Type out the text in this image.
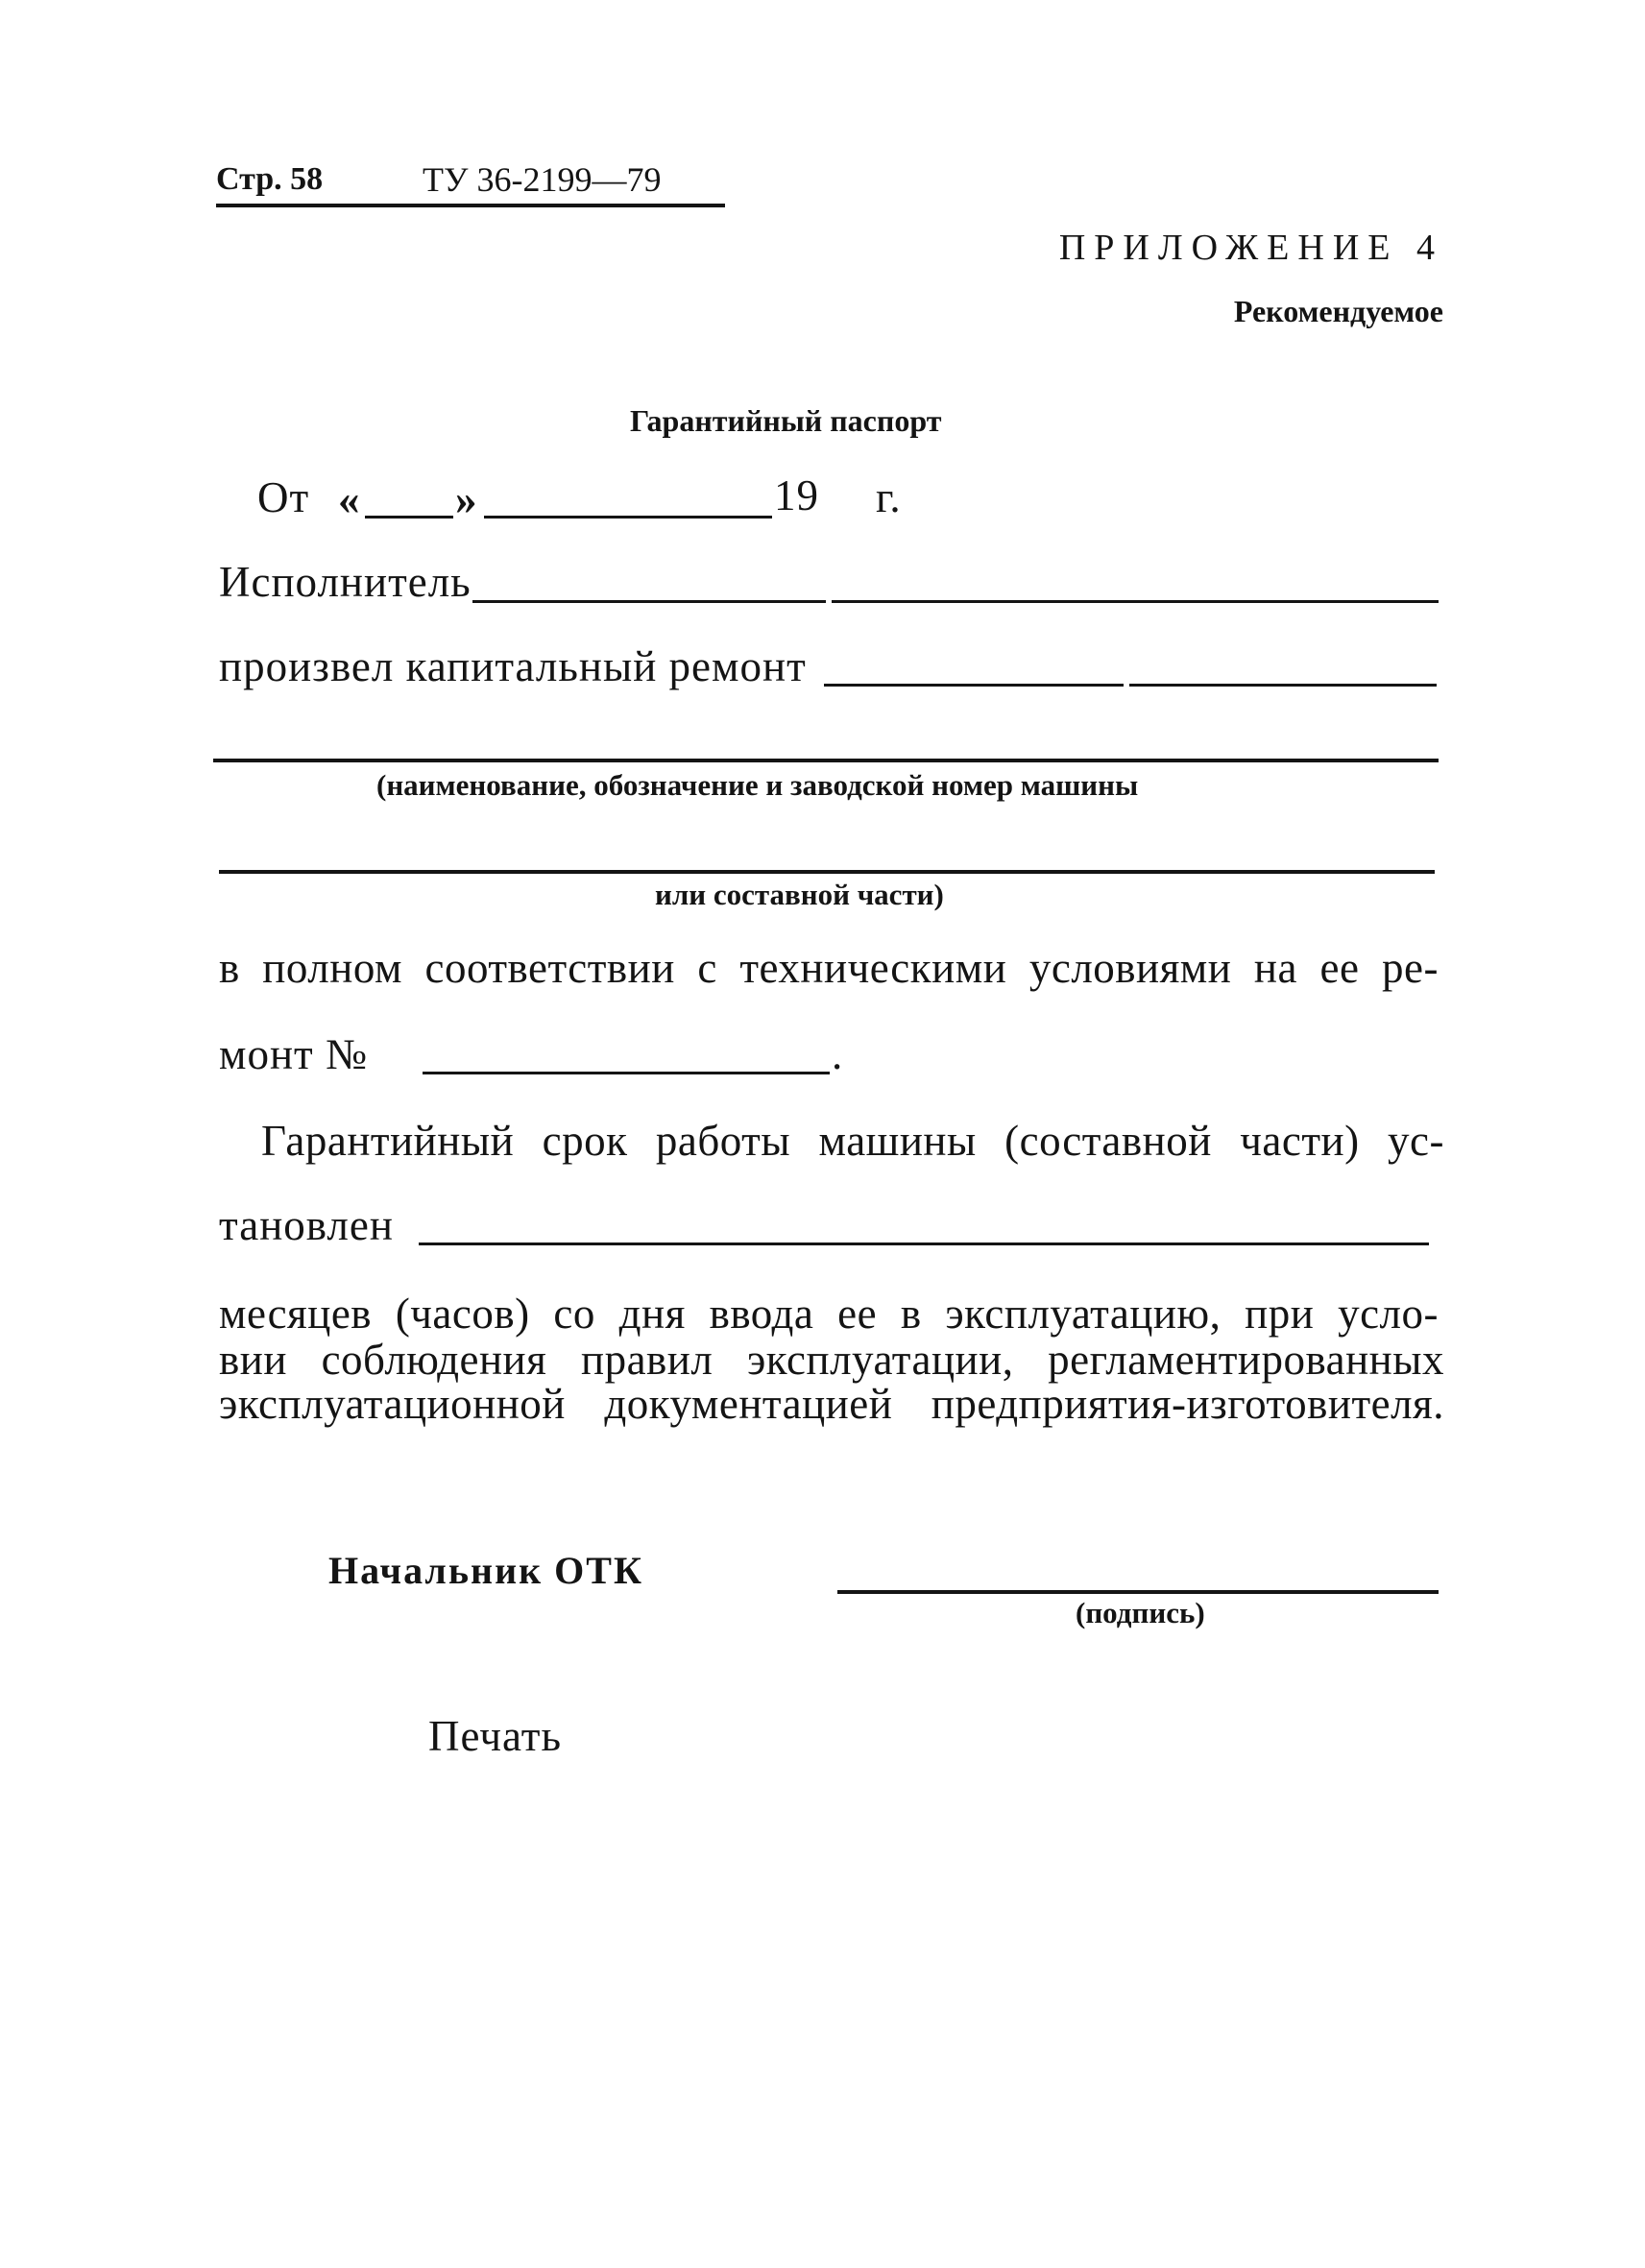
Стр. 58	ТУ 36-2199—79
ПРИЛОЖЕНИЕ 4
Рекомендуемое
Гарантийный паспорт
От « »	19 г.
Исполнитель
произвел капитальный ремонт
(наименование, обозначение и заводской номер машины
или составной части)
в полном соответствии с техническими условиями на ее ре-
монт №	.
Гарантийный срок работы машины (составной части) ус-
тановлен
месяцев (часов) со дня ввода ее в эксплуатацию, при усло-
вии соблюдения правил эксплуатации, регламентированных
эксплуатационной документацией предприятия-изготовителя.
Начальник ОТК
(подпись)
Печать
